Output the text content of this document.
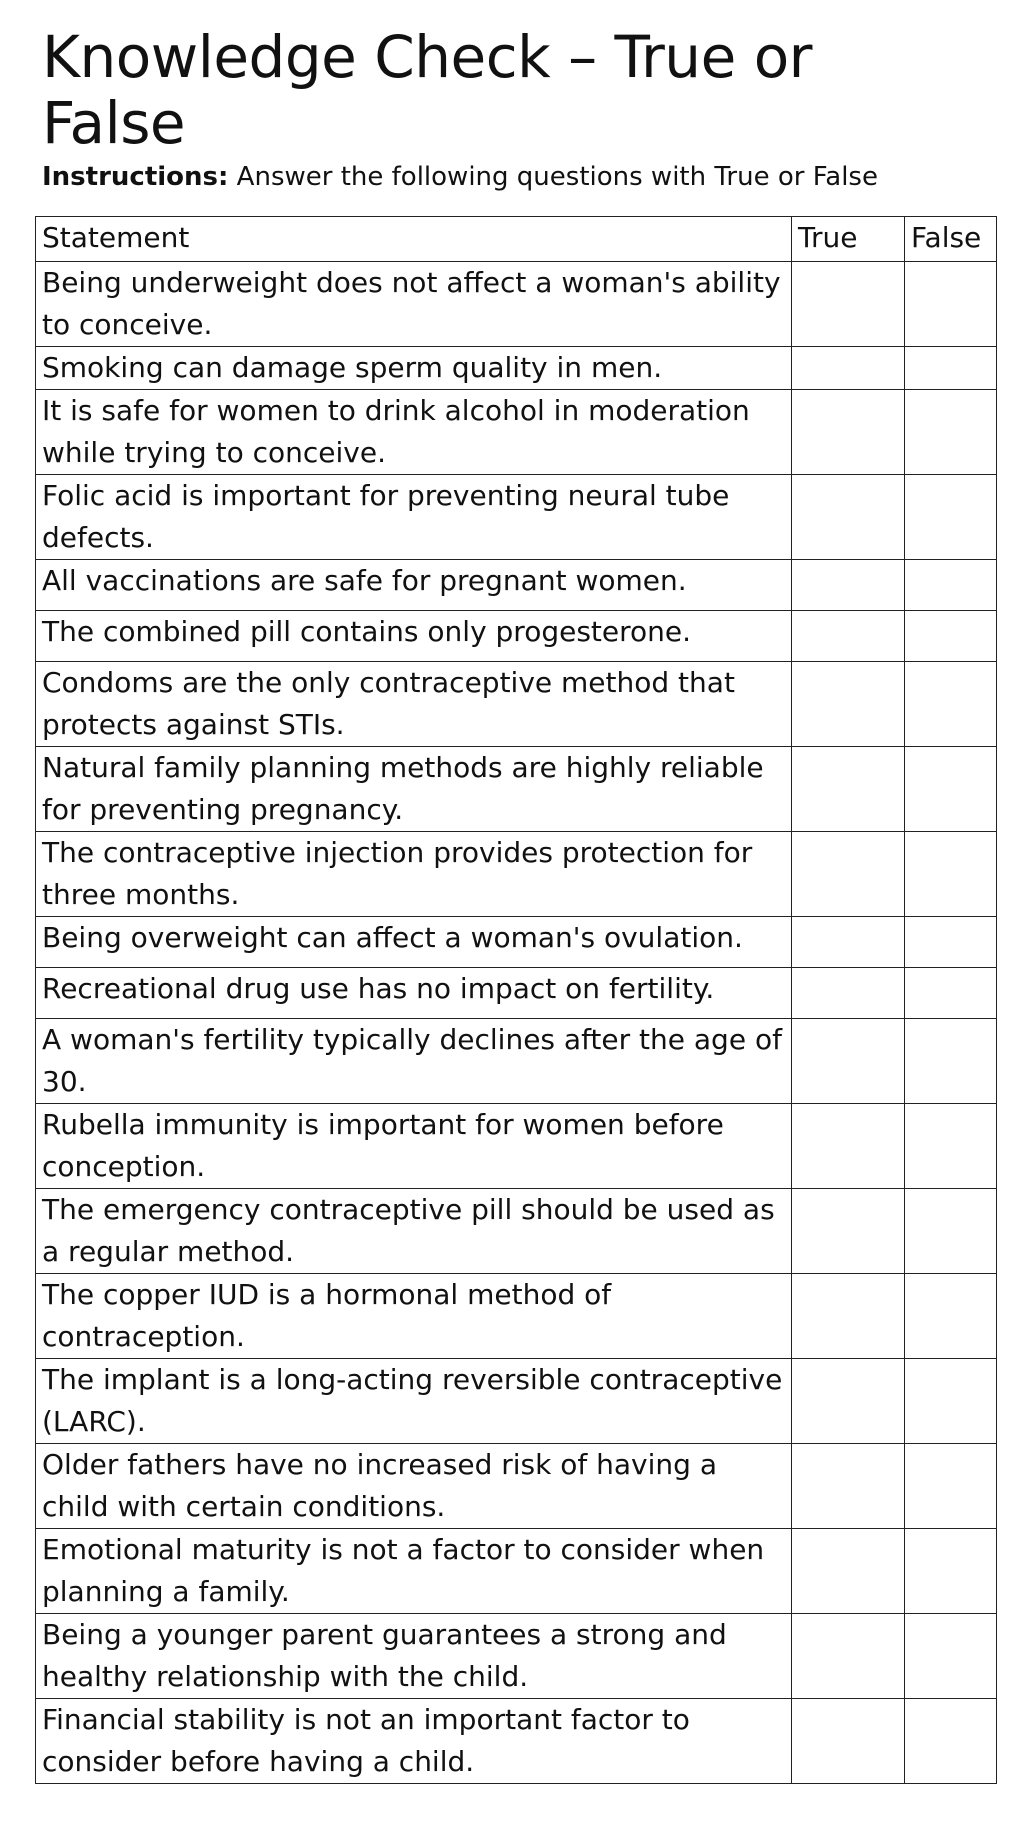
Knowledge Check – True or False

Instructions: Answer the following questions with True or False

Statement	True	False
Being underweight does not affect a woman's ability to conceive.		
Smoking can damage sperm quality in men.		
It is safe for women to drink alcohol in moderation while trying to conceive.		
Folic acid is important for preventing neural tube defects.		
All vaccinations are safe for pregnant women.		
The combined pill contains only progesterone.		
Condoms are the only contraceptive method that protects against STIs.		
Natural family planning methods are highly reliable for preventing pregnancy.		
The contraceptive injection provides protection for three months.		
Being overweight can affect a woman's ovulation.		
Recreational drug use has no impact on fertility.		
A woman's fertility typically declines after the age of 30.		
Rubella immunity is important for women before conception.		
The emergency contraceptive pill should be used as a regular method.		
The copper IUD is a hormonal method of contraception.		
The implant is a long-acting reversible contraceptive (LARC).		
Older fathers have no increased risk of having a child with certain conditions.		
Emotional maturity is not a factor to consider when planning a family.		
Being a younger parent guarantees a strong and healthy relationship with the child.		
Financial stability is not an important factor to consider before having a child.		
